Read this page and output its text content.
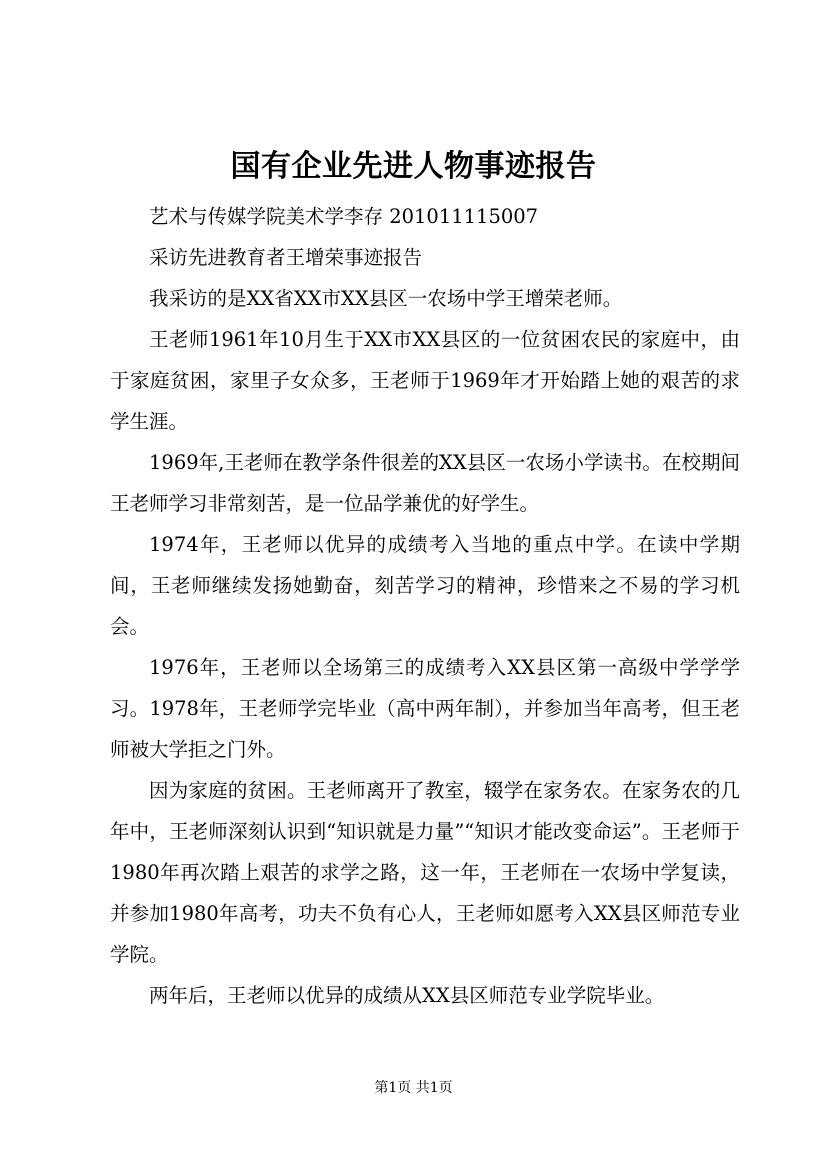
国有企业先进人物事迹报告

艺术与传媒学院美术学李存 201011115007

采访先进教育者王增荣事迹报告

我采访的是XX省XX市XX县区一农场中学王增荣老师。

王老师1961年10月生于XX市XX县区的一位贫困农民的家庭中，由于家庭贫困，家里子女众多，王老师于1969年才开始踏上她的艰苦的求学生涯。

1969年,王老师在教学条件很差的XX县区一农场小学读书。在校期间王老师学习非常刻苦，是一位品学兼优的好学生。

1974年，王老师以优异的成绩考入当地的重点中学。在读中学期间，王老师继续发扬她勤奋，刻苦学习的精神，珍惜来之不易的学习机会。

1976年，王老师以全场第三的成绩考入XX县区第一高级中学学学习。1978年，王老师学完毕业（高中两年制），并参加当年高考，但王老师被大学拒之门外。

因为家庭的贫困。王老师离开了教室，辍学在家务农。在家务农的几年中，王老师深刻认识到“知识就是力量”“知识才能改变命运”。王老师于1980年再次踏上艰苦的求学之路，这一年，王老师在一农场中学复读，并参加1980年高考，功夫不负有心人，王老师如愿考入XX县区师范专业学院。

两年后，王老师以优异的成绩从XX县区师范专业学院毕业。

第1页 共1页
